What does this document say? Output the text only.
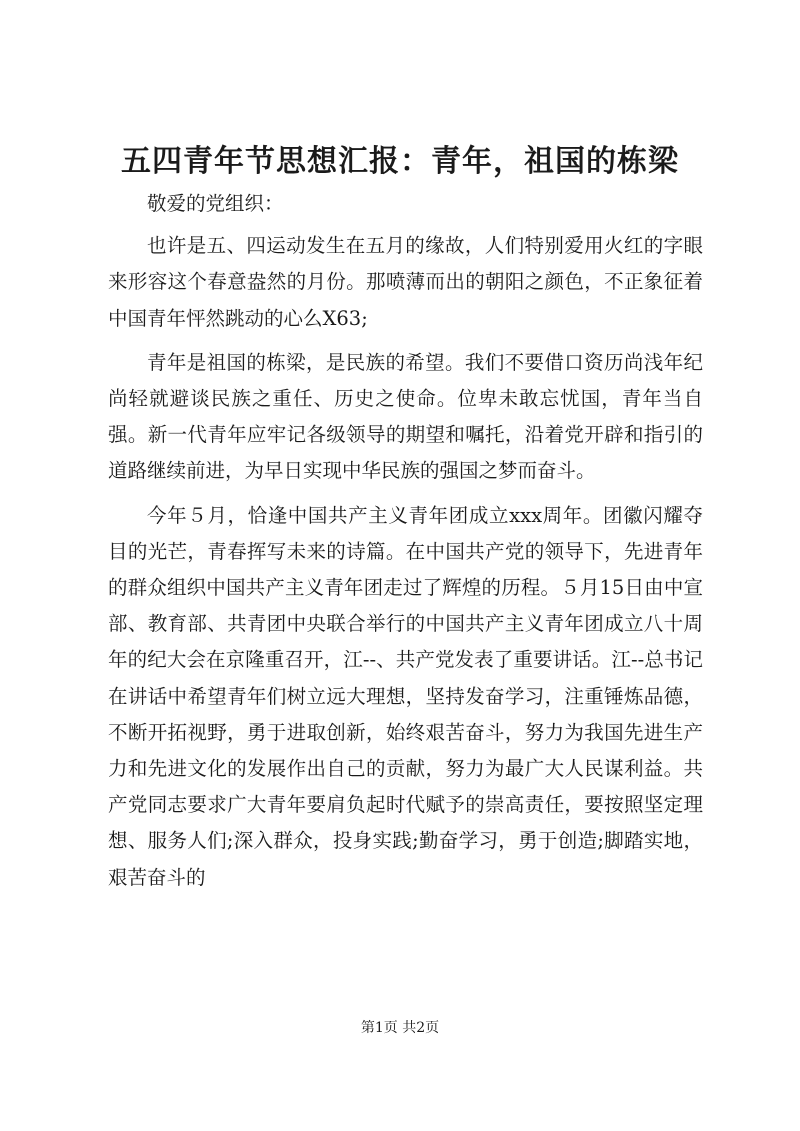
五四青年节思想汇报：青年，祖国的栋梁

敬爱的党组织：

也许是五、四运动发生在五月的缘故，人们特别爱用火红的字眼来形容这个春意盎然的月份。那喷薄而出的朝阳之颜色，不正象征着中国青年怦然跳动的心么X63;

青年是祖国的栋梁，是民族的希望。我们不要借口资历尚浅年纪尚轻就避谈民族之重任、历史之使命。位卑未敢忘忧国，青年当自强。新一代青年应牢记各级领导的期望和嘱托，沿着党开辟和指引的道路继续前进，为早日实现中华民族的强国之梦而奋斗。

今年５月，恰逢中国共产主义青年团成立xxx周年。团徽闪耀夺目的光芒，青春挥写未来的诗篇。在中国共产党的领导下，先进青年的群众组织中国共产主义青年团走过了辉煌的历程。５月15日由中宣部、教育部、共青团中央联合举行的中国共产主义青年团成立八十周年的纪大会在京隆重召开，江--、共产党发表了重要讲话。江--总书记在讲话中希望青年们树立远大理想，坚持发奋学习，注重锤炼品德，不断开拓视野，勇于进取创新，始终艰苦奋斗，努力为我国先进生产力和先进文化的发展作出自己的贡献，努力为最广大人民谋利益。共产党同志要求广大青年要肩负起时代赋予的崇高责任，要按照坚定理想、服务人们;深入群众，投身实践;勤奋学习，勇于创造;脚踏实地，艰苦奋斗的

第1页 共2页
